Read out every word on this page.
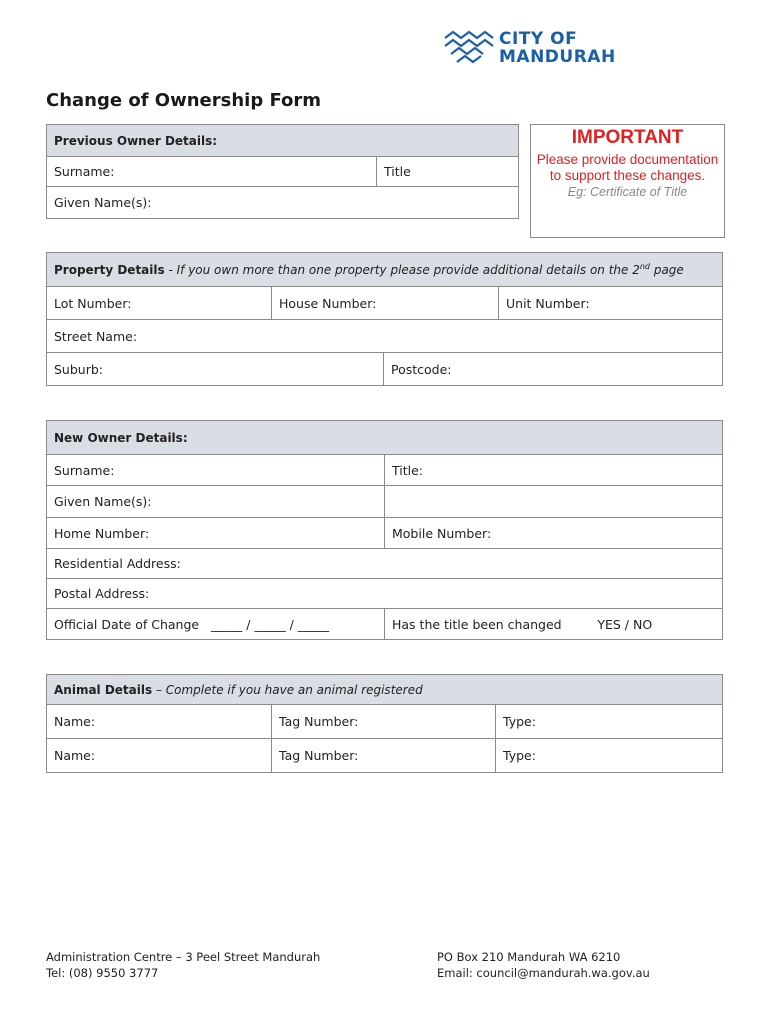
CITY OF
MANDURAH
Change of Ownership Form
IMPORTANT
Please provide documentation to support these changes.
Eg: Certificate of Title
Previous Owner Details:
Surname:	Title
Given Name(s):
Property Details - If you own more than one property please provide additional details on the 2nd page			
Lot Number:	House Number:		Unit Number:
Street Name:			
Suburb:		Postcode:	
New Owner Details:	
Surname:	Title:
Given Name(s):	
Home Number:	Mobile Number:
Residential Address:	
Postal Address:	
Official Date of Change _____ / _____ / _____	Has the title been changed YES / NO
Animal Details – Complete if you have an animal registered		
Name:	Tag Number:	Type:
Name:	Tag Number:	Type:
Administration Centre – 3 Peel Street Mandurah
Tel: (08) 9550 3777
PO Box 210 Mandurah WA 6210
Email: council@mandurah.wa.gov.au
